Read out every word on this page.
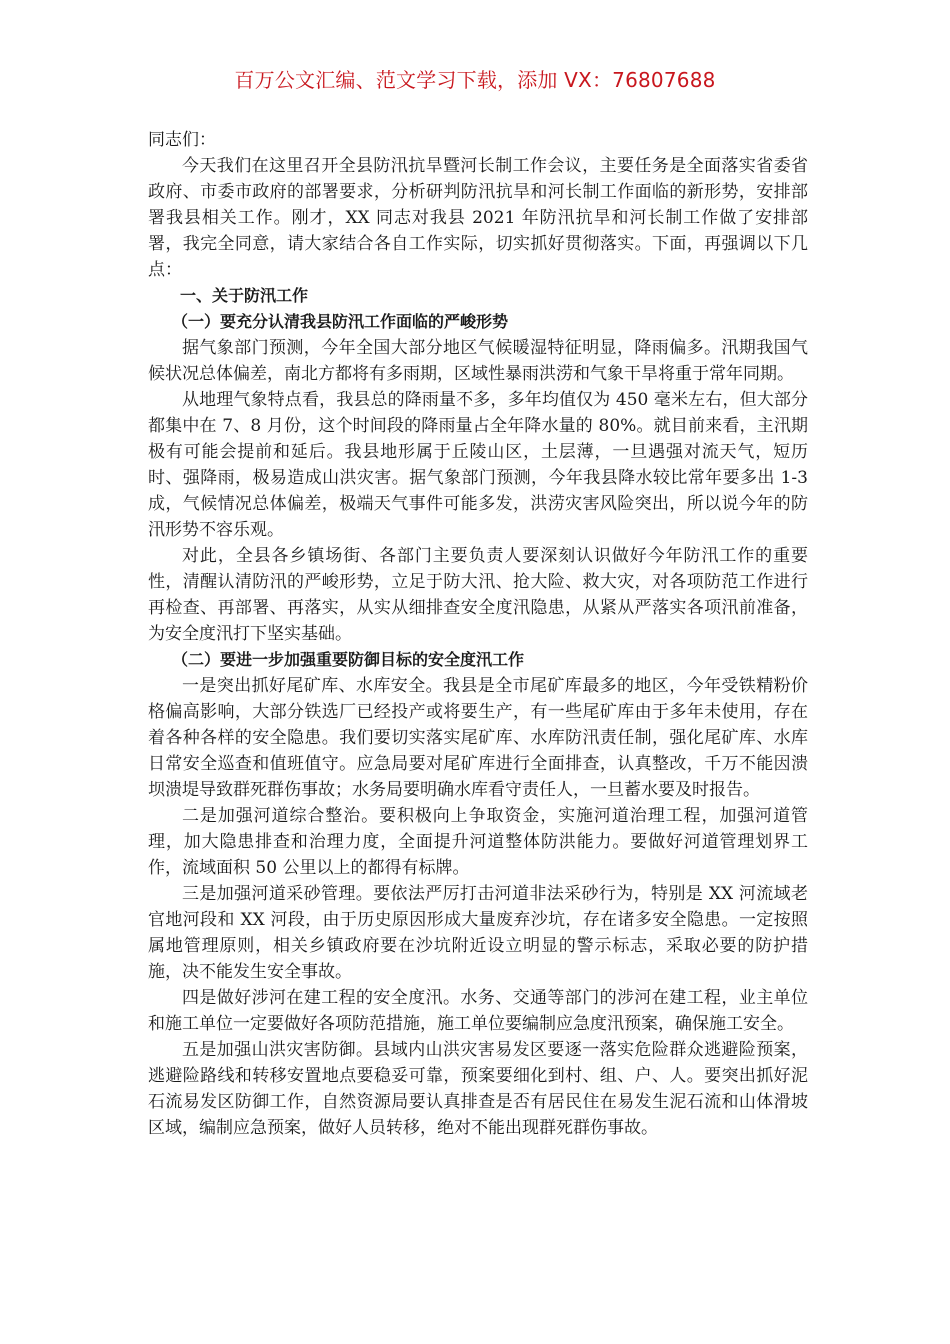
百万公文汇编、范文学习下载，添加 VX：76807688

同志们：

今天我们在这里召开全县防汛抗旱暨河长制工作会议，主要任务是全面落实省委省政府、市委市政府的部署要求，分析研判防汛抗旱和河长制工作面临的新形势，安排部署我县相关工作。刚才，XX 同志对我县 2021 年防汛抗旱和河长制工作做了安排部署，我完全同意，请大家结合各自工作实际，切实抓好贯彻落实。下面，再强调以下几点：

一、关于防汛工作

（一）要充分认清我县防汛工作面临的严峻形势

据气象部门预测，今年全国大部分地区气候暖湿特征明显，降雨偏多。汛期我国气候状况总体偏差，南北方都将有多雨期，区域性暴雨洪涝和气象干旱将重于常年同期。

从地理气象特点看，我县总的降雨量不多，多年均值仅为 450 毫米左右，但大部分都集中在 7、8 月份，这个时间段的降雨量占全年降水量的 80%。就目前来看，主汛期极有可能会提前和延后。我县地形属于丘陵山区，土层薄，一旦遇强对流天气，短历时、强降雨，极易造成山洪灾害。据气象部门预测，今年我县降水较比常年要多出 1-3 成，气候情况总体偏差，极端天气事件可能多发，洪涝灾害风险突出，所以说今年的防汛形势不容乐观。

对此，全县各乡镇场街、各部门主要负责人要深刻认识做好今年防汛工作的重要性，清醒认清防汛的严峻形势，立足于防大汛、抢大险、救大灾，对各项防范工作进行再检查、再部署、再落实，从实从细排查安全度汛隐患，从紧从严落实各项汛前准备，为安全度汛打下坚实基础。

（二）要进一步加强重要防御目标的安全度汛工作

一是突出抓好尾矿库、水库安全。我县是全市尾矿库最多的地区，今年受铁精粉价格偏高影响，大部分铁选厂已经投产或将要生产，有一些尾矿库由于多年未使用，存在着各种各样的安全隐患。我们要切实落实尾矿库、水库防汛责任制，强化尾矿库、水库日常安全巡查和值班值守。应急局要对尾矿库进行全面排查，认真整改，千万不能因溃坝溃堤导致群死群伤事故；水务局要明确水库看守责任人，一旦蓄水要及时报告。

二是加强河道综合整治。要积极向上争取资金，实施河道治理工程，加强河道管理，加大隐患排查和治理力度，全面提升河道整体防洪能力。要做好河道管理划界工作，流域面积 50 公里以上的都得有标牌。

三是加强河道采砂管理。要依法严厉打击河道非法采砂行为，特别是 XX 河流域老官地河段和 XX 河段，由于历史原因形成大量废弃沙坑，存在诸多安全隐患。一定按照属地管理原则，相关乡镇政府要在沙坑附近设立明显的警示标志，采取必要的防护措施，决不能发生安全事故。

四是做好涉河在建工程的安全度汛。水务、交通等部门的涉河在建工程，业主单位和施工单位一定要做好各项防范措施，施工单位要编制应急度汛预案，确保施工安全。

五是加强山洪灾害防御。县域内山洪灾害易发区要逐一落实危险群众逃避险预案，逃避险路线和转移安置地点要稳妥可靠，预案要细化到村、组、户、人。要突出抓好泥石流易发区防御工作，自然资源局要认真排查是否有居民住在易发生泥石流和山体滑坡区域，编制应急预案，做好人员转移，绝对不能出现群死群伤事故。
